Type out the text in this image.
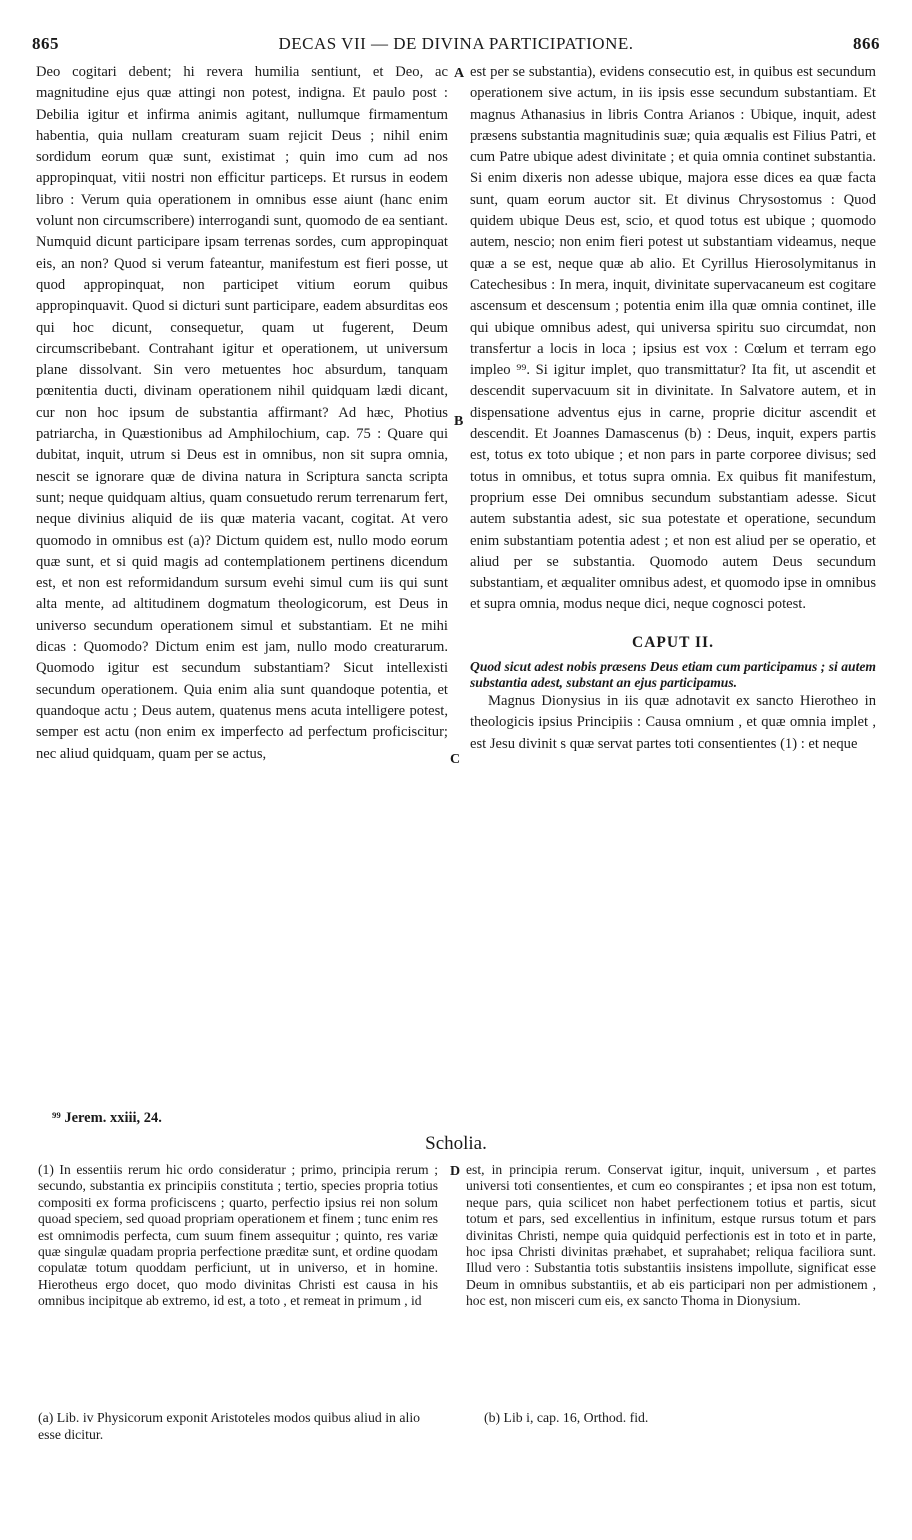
865	DECAS VII — DE DIVINA PARTICIPATIONE.	866

Deo cogitari debent; hi revera humilia sentiunt, et Deo, ac magnitudine ejus quæ attingi non potest, indigna. Et paulo post : Debilia igitur et infirma animis agitant, nullumque firmamentum habentia, quia nullam creaturam suam rejicit Deus ; nihil enim sordidum eorum quæ sunt, existimat ; quin imo cum ad nos appropinquat, vitii nostri non efficitur particeps. Et rursus in eodem libro : Verum quia operationem in omnibus esse aiunt (hanc enim volunt non circumscribere) interrogandi sunt, quomodo de ea sentiant. Numquid dicunt participare ipsam terrenas sordes, cum appropinquat eis, an non? Quod si verum fateantur, manifestum est fieri posse, ut quod appropinquat, non participet vitium eorum quibus appropinquavit. Quod si dicturi sunt participare, eadem absurditas eos qui hoc dicunt, consequetur, quam ut fugerent, Deum circumscribebant. Contrahant igitur et operationem, ut universum plane dissolvant. Sin vero metuentes hoc absurdum, tanquam pœnitentia ducti, divinam operationem nihil quidquam lædi dicant, cur non hoc ipsum de substantia affirmant? Ad hæc, Photius patriarcha, in Quæstionibus ad Amphilochium, cap. 75 : Quare qui dubitat, inquit, utrum si Deus est in omnibus, non sit supra omnia, nescit se ignorare quæ de divina natura in Scriptura sancta scripta sunt; neque quidquam altius, quam consuetudo rerum terrenarum fert, neque divinius aliquid de iis quæ materia vacant, cogitat. At vero quomodo in omnibus est (a)? Dictum quidem est, nullo modo eorum quæ sunt, et si quid magis ad contemplationem pertinens dicendum est, et non est reformidandum sursum evehi simul cum iis qui sunt alta mente, ad altitudinem dogmatum theologicorum, est Deus in universo secundum operationem simul et substantiam. Et ne mihi dicas : Quomodo? Dictum enim est jam, nullo modo creaturarum. Quomodo igitur est secundum substantiam? Sicut intellexisti secundum operationem. Quia enim alia sunt quandoque potentia, et quandoque actu ; Deus autem, quatenus mens acuta intelligere potest, semper est actu (non enim ex imperfecto ad perfectum proficiscitur; nec aliud quidquam, quam per se actus,

A
B
C

est per se substantia), evidens consecutio est, in quibus est secundum operationem sive actum, in iis ipsis esse secundum substantiam. Et magnus Athanasius in libris Contra Arianos : Ubique, inquit, adest præsens substantia magnitudinis suæ; quia æqualis est Filius Patri, et cum Patre ubique adest divinitate ; et quia omnia continet substantia. Si enim dixeris non adesse ubique, majora esse dices ea quæ facta sunt, quam eorum auctor sit. Et divinus Chrysostomus : Quod quidem ubique Deus est, scio, et quod totus est ubique ; quomodo autem, nescio; non enim fieri potest ut substantiam videamus, neque quæ a se est, neque quæ ab alio. Et Cyrillus Hierosolymitanus in Catechesibus : In mera, inquit, divinitate supervacaneum est cogitare ascensum et descensum ; potentia enim illa quæ omnia continet, ille qui ubique omnibus adest, qui universa spiritu suo circumdat, non transfertur a locis in loca ; ipsius est vox : Cœlum et terram ego impleo ⁹⁹. Si igitur implet, quo transmittatur? Ita fit, ut ascendit et descendit supervacuum sit in divinitate. In Salvatore autem, et in dispensatione adventus ejus in carne, proprie dicitur ascendit et descendit. Et Joannes Damascenus (b) : Deus, inquit, expers partis est, totus ex toto ubique ; et non pars in parte corporee divisus; sed totus in omnibus, et totus supra omnia. Ex quibus fit manifestum, proprium esse Dei omnibus secundum substantiam adesse. Sicut autem substantia adest, sic sua potestate et operatione, secundum enim substantiam potentia adest ; et non est aliud per se operatio, et aliud per se substantia. Quomodo autem Deus secundum substantiam, et æqualiter omnibus adest, et quomodo ipse in omnibus et supra omnia, modus neque dici, neque cognosci potest.

CAPUT II.

Quod sicut adest nobis præsens Deus etiam cum participamus ; si autem substantia adest, substant an ejus participamus.

Magnus Dionysius in iis quæ adnotavit ex sancto Hierotheo in theologicis ipsius Principiis : Causa omnium , et quæ omnia implet , est Jesu divinit s quæ servat partes toti consentientes (1) : et neque

⁹⁹ Jerem. xxiii, 24.
Scholia.
D

(1) In essentiis rerum hic ordo consideratur ; primo, principia rerum ; secundo, substantia ex principiis constituta ; tertio, species propria totius compositi ex forma proficiscens ; quarto, perfectio ipsius rei non solum quoad speciem, sed quoad propriam operationem et finem ; tunc enim res est omnimodis perfecta, cum suum finem assequitur ; quinto, res variæ quæ singulæ quadam propria perfectione præditæ sunt, et ordine quodam copulatæ totum quoddam perficiunt, ut in universo, et in homine. Hierotheus ergo docet, quo modo divinitas Christi est causa in his omnibus incipitque ab extremo, id est, a toto , et remeat in primum , id

est, in principia rerum. Conservat igitur, inquit, universum , et partes universi toti consentientes, et cum eo conspirantes ; et ipsa non est totum, neque pars, quia scilicet non habet perfectionem totius et partis, sicut totum et pars, sed excellentius in infinitum, estque rursus totum et pars divinitas Christi, nempe quia quidquid perfectionis est in toto et in parte, hoc ipsa Christi divinitas præhabet, et suprahabet; reliqua faciliora sunt. Illud vero : Substantia totis substantiis insistens impollute, significat esse Deum in omnibus substantiis, et ab eis participari non per admistionem , hoc est, non misceri cum eis, ex sancto Thoma in Dionysium.

(a) Lib. iv Physicorum exponit Aristoteles modos quibus aliud in alio esse dicitur.
(b) Lib i, cap. 16, Orthod. fid.
